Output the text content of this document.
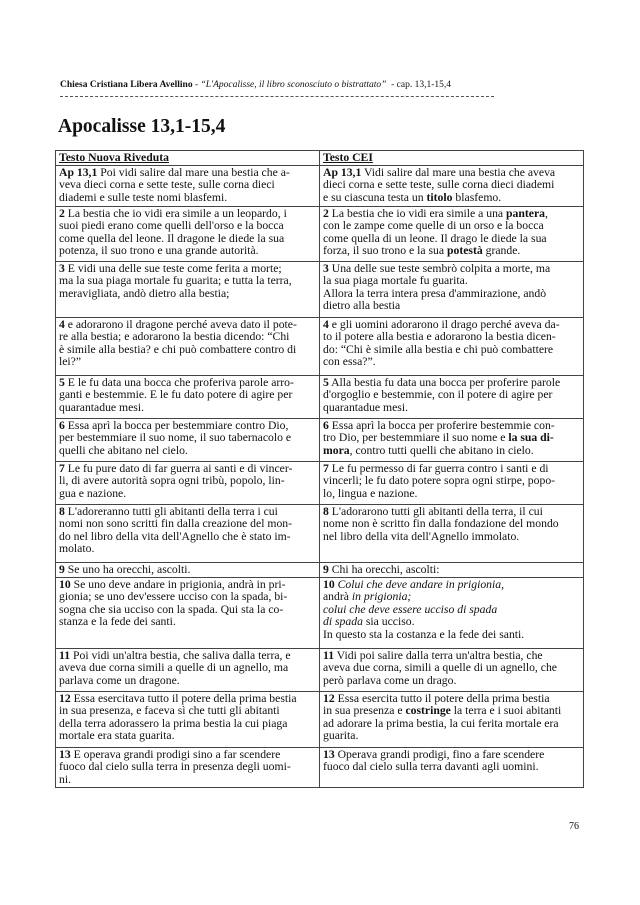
Chiesa Cristiana Libera Avellino - “L'Apocalisse, il libro sconosciuto o bistrattato”  - cap. 13,1-15,4
Apocalisse 13,1-15,4
Testo Nuova Riveduta	Testo CEI
Ap 13,1 Poi vidi salire dal mare una bestia che a-
veva dieci corna e sette teste, sulle corna dieci
diademi e sulle teste nomi blasfemi.	Ap 13,1 Vidi salire dal mare una bestia che aveva
dieci corna e sette teste, sulle corna dieci diademi
e su ciascuna testa un titolo blasfemo.
2 La bestia che io vidi era simile a un leopardo, i
suoi piedi erano come quelli dell'orso e la bocca
come quella del leone. Il dragone le diede la sua
potenza, il suo trono e una grande autorità.	2 La bestia che io vidi era simile a una pantera,
con le zampe come quelle di un orso e la bocca
come quella di un leone. Il drago le diede la sua
forza, il suo trono e la sua potestà grande.
3 E vidi una delle sue teste come ferita a morte;
ma la sua piaga mortale fu guarita; e tutta la terra,
meravigliata, andò dietro alla bestia;	3 Una delle sue teste sembrò colpita a morte, ma
la sua piaga mortale fu guarita.
Allora la terra intera presa d'ammirazione, andò
dietro alla bestia
4 e adorarono il dragone perché aveva dato il pote-
re alla bestia; e adorarono la bestia dicendo: “Chi
è simile alla bestia? e chi può combattere contro di
lei?”	4 e gli uomini adorarono il drago perché aveva da-
to il potere alla bestia e adorarono la bestia dicen-
do: “Chi è simile alla bestia e chi può combattere
con essa?”.
5 E le fu data una bocca che proferiva parole arro-
ganti e bestemmie. E le fu dato potere di agire per
quarantadue mesi.	5 Alla bestia fu data una bocca per proferire parole
d'orgoglio e bestemmie, con il potere di agire per
quarantadue mesi.
6 Essa aprì la bocca per bestemmiare contro Dio,
per bestemmiare il suo nome, il suo tabernacolo e
quelli che abitano nel cielo.	6 Essa aprì la bocca per proferire bestemmie con-
tro Dio, per bestemmiare il suo nome e la sua di-
mora, contro tutti quelli che abitano in cielo.
7 Le fu pure dato di far guerra ai santi e di vincer-
li, di avere autorità sopra ogni tribù, popolo, lin-
gua e nazione.	7 Le fu permesso di far guerra contro i santi e di
vincerli; le fu dato potere sopra ogni stirpe, popo-
lo, lingua e nazione.
8 L'adoreranno tutti gli abitanti della terra i cui
nomi non sono scritti fin dalla creazione del mon-
do nel libro della vita dell'Agnello che è stato im-
molato.	8 L'adorarono tutti gli abitanti della terra, il cui
nome non è scritto fin dalla fondazione del mondo
nel libro della vita dell'Agnello immolato.
9 Se uno ha orecchi, ascolti.	9 Chi ha orecchi, ascolti:
10 Se uno deve andare in prigionia, andrà in pri-
gionia; se uno dev'essere ucciso con la spada, bi-
sogna che sia ucciso con la spada. Qui sta la co-
stanza e la fede dei santi.	10 Colui che deve andare in prigionia,
andrà in prigionia;
colui che deve essere ucciso di spada
di spada sia ucciso.
In questo sta la costanza e la fede dei santi.
11 Poi vidi un'altra bestia, che saliva dalla terra, e
aveva due corna simili a quelle di un agnello, ma
parlava come un dragone.	11 Vidi poi salire dalla terra un'altra bestia, che
aveva due corna, simili a quelle di un agnello, che
però parlava come un drago.
12 Essa esercitava tutto il potere della prima bestia
in sua presenza, e faceva sì che tutti gli abitanti
della terra adorassero la prima bestia la cui piaga
mortale era stata guarita.	12 Essa esercita tutto il potere della prima bestia
in sua presenza e costringe la terra e i suoi abitanti
ad adorare la prima bestia, la cui ferita mortale era
guarita.
13 E operava grandi prodigi sino a far scendere
fuoco dal cielo sulla terra in presenza degli uomi-
ni.	13 Operava grandi prodigi, fino a fare scendere
fuoco dal cielo sulla terra davanti agli uomini.
76
